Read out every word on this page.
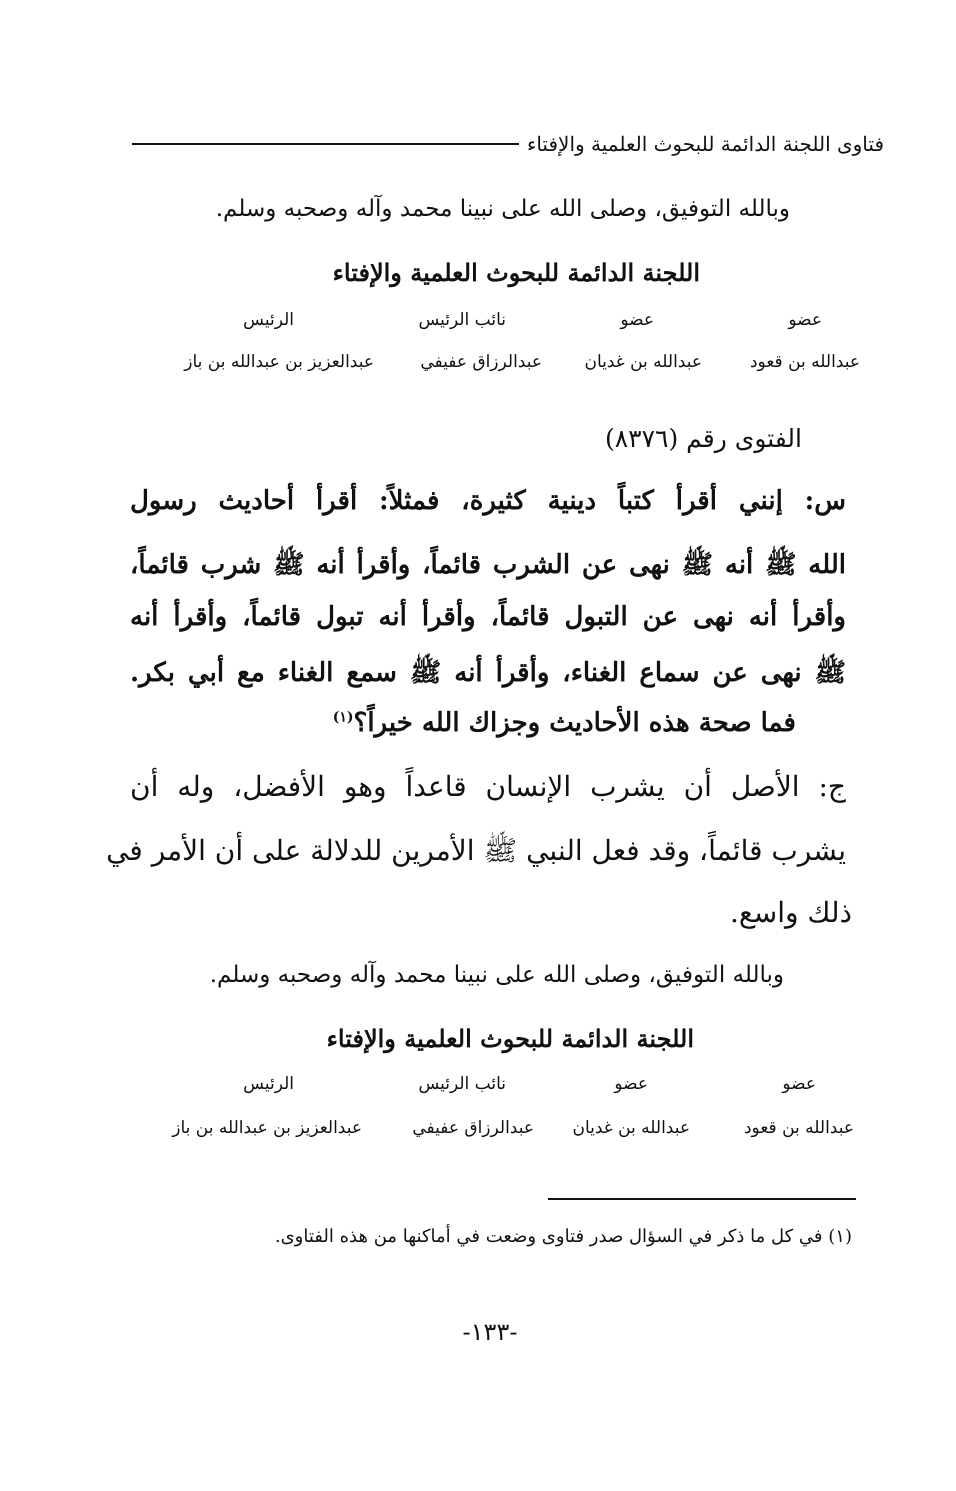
فتاوى اللجنة الدائمة للبحوث العلمية والإفتاء
وبالله التوفيق، وصلى الله على نبينا محمد وآله وصحبه وسلم.
اللجنة الدائمة للبحوث العلمية والإفتاء
عضو
عضو
نائب الرئيس
الرئيس
عبدالله بن قعود
عبدالله بن غديان
عبدالرزاق عفيفي
عبدالعزيز بن عبدالله بن باز
الفتوى رقم (٨٣٧٦)
س: إنني أقرأ كتباً دينية كثيرة، فمثلاً: أقرأ أحاديث رسول
الله ﷺ أنه ﷺ نهى عن الشرب قائماً، وأقرأ أنه ﷺ شرب قائماً،
وأقرأ أنه نهى عن التبول قائماً، وأقرأ أنه تبول قائماً، وأقرأ أنه
ﷺ نهى عن سماع الغناء، وأقرأ أنه ﷺ سمع الغناء مع أبي بكر.
فما صحة هذه الأحاديث وجزاك الله خيراً؟$^{(١)}$
ج: الأصل أن يشرب الإنسان قاعداً وهو الأفضل، وله أن
يشرب قائماً، وقد فعل النبي ﷺ الأمرين للدلالة على أن الأمر في
ذلك واسع.
وبالله التوفيق، وصلى الله على نبينا محمد وآله وصحبه وسلم.
اللجنة الدائمة للبحوث العلمية والإفتاء
عضو
عضو
نائب الرئيس
الرئيس
عبدالله بن قعود
عبدالله بن غديان
عبدالرزاق عفيفي
عبدالعزيز بن عبدالله بن باز
(١) في كل ما ذكر في السؤال صدر فتاوى وضعت في أماكنها من هذه الفتاوى.
-١٣٣-
